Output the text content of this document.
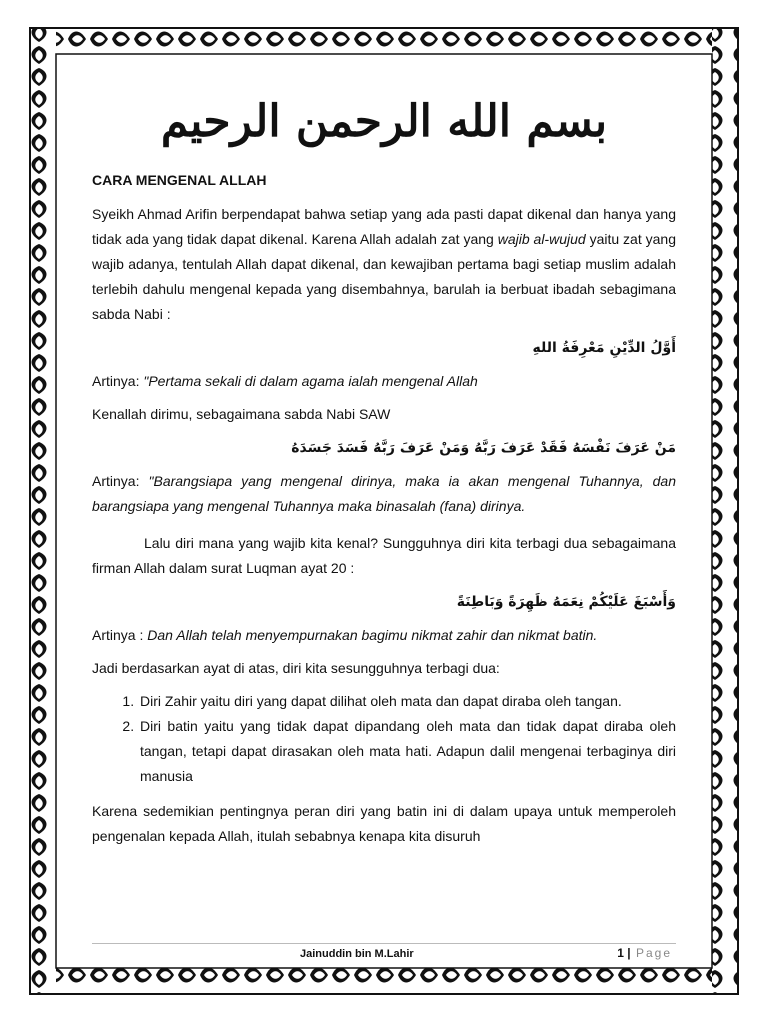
بسم الله الرحمن الرحيم
CARA MENGENAL ALLAH

Syeikh Ahmad Arifin berpendapat bahwa setiap yang ada pasti dapat dikenal dan hanya yang tidak ada yang tidak dapat dikenal. Karena Allah adalah zat yang wajib al-wujud yaitu zat yang wajib adanya, tentulah Allah dapat dikenal, dan kewajiban pertama bagi setiap muslim adalah terlebih dahulu mengenal kepada yang disembahnya, barulah ia berbuat ibadah sebagimana sabda Nabi :

أَوَّلُ الدِّيْنِ مَعْرِفَةُ اللهِ

Artinya: "Pertama sekali di dalam agama ialah mengenal Allah

Kenallah dirimu, sebagaimana sabda Nabi SAW

مَنْ عَرَفَ نَفْسَهُ فَقَدْ عَرَفَ رَبَّهُ وَمَنْ عَرَفَ رَبَّهُ فَسَدَ جَسَدَهُ

Artinya: "Barangsiapa yang mengenal dirinya, maka ia akan mengenal Tuhannya, dan barangsiapa yang mengenal Tuhannya maka binasalah (fana) dirinya.

Lalu diri mana yang wajib kita kenal? Sungguhnya diri kita terbagi dua sebagaimana firman Allah dalam surat Luqman ayat 20 :

وَأَسْبَغَ عَلَيْكُمْ نِعَمَهُ ظَهِرَةً وَبَاطِنَةً

Artinya : Dan Allah telah menyempurnakan bagimu nikmat zahir dan nikmat batin.

Jadi berdasarkan ayat di atas, diri kita sesungguhnya terbagi dua:

1. Diri Zahir yaitu diri yang dapat dilihat oleh mata dan dapat diraba oleh tangan.
2. Diri batin yaitu yang tidak dapat dipandang oleh mata dan tidak dapat diraba oleh tangan, tetapi dapat dirasakan oleh mata hati. Adapun dalil mengenai terbaginya diri manusia

Karena sedemikian pentingnya peran diri yang batin ini di dalam upaya untuk memperoleh pengenalan kepada Allah, itulah sebabnya kenapa kita disuruh

Jainuddin bin M.Lahir	1 | Page
